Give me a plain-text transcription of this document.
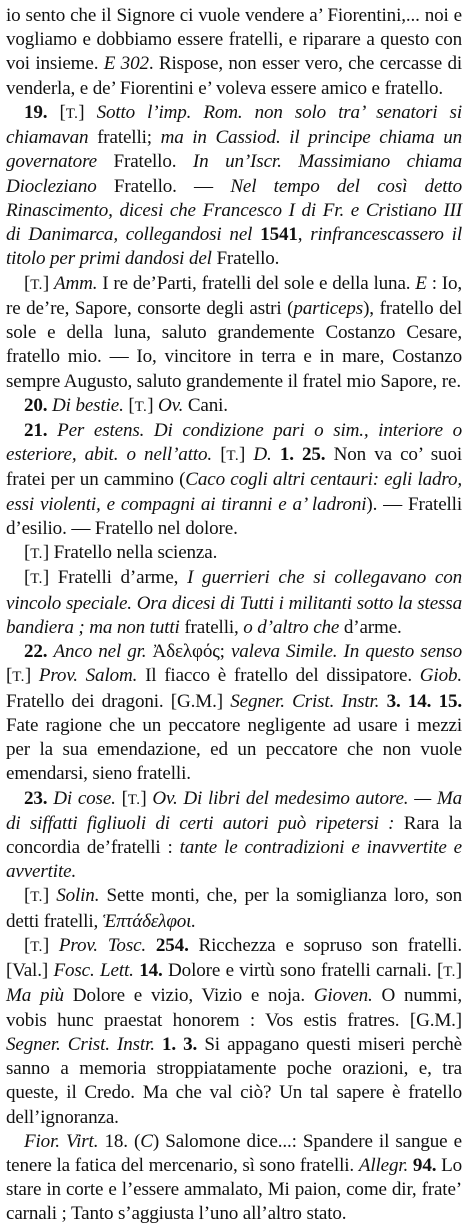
io sento che il Signore ci vuole vendere a’ Fiorentini,... noi e vogliamo e dobbiamo essere fratelli, e riparare a questo con voi insieme. E 302. Rispose, non esser vero, che cercasse di venderla, e de’ Fiorentini e’ voleva essere amico e fratello.

19. [T.] Sotto l’imp. Rom. non solo tra’ senatori si chiamavan fratelli; ma in Cassiod. il principe chiama un governatore Fratello. In un’Iscr. Massimiano chiama Diocleziano Fratello. — Nel tempo del così detto Rinascimento, dicesi che Francesco I di Fr. e Cristiano III di Danimarca, collegandosi nel 1541, rinfrancescassero il titolo per primi dandosi del Fratello.

[T.] Amm. I re de’Parti, fratelli del sole e della luna. E : Io, re de’re, Sapore, consorte degli astri (particeps), fratello del sole e della luna, saluto grandemente Costanzo Cesare, fratello mio. — Io, vincitore in terra e in mare, Costanzo sempre Augusto, saluto grandemente il fratel mio Sapore, re.

20. Di bestie. [T.] Ov. Cani.

21. Per estens. Di condizione pari o sim., interiore o esteriore, abit. o nell’atto. [T.] D. 1. 25. Non va co’ suoi fratei per un cammino (Caco cogli altri centauri: egli ladro, essi violenti, e compagni ai tiranni e a’ ladroni). — Fratelli d’esilio. — Fratello nel dolore.

[T.] Fratello nella scienza.

[T.] Fratelli d’arme, I guerrieri che si collegavano con vincolo speciale. Ora dicesi di Tutti i militanti sotto la stessa bandiera ; ma non tutti fratelli, o d’altro che d’arme.

22. Anco nel gr. Ἀδελφός; valeva Simile. In questo senso [T.] Prov. Salom. Il fiacco è fratello del dissipatore. Giob. Fratello dei dragoni. [G.M.] Segner. Crist. Instr. 3. 14. 15. Fate ragione che un peccatore negligente ad usare i mezzi per la sua emendazione, ed un peccatore che non vuole emendarsi, sieno fratelli.

23. Di cose. [T.] Ov. Di libri del medesimo autore. — Ma di siffatti figliuoli di certi autori può ripetersi : Rara la concordia de’fratelli : tante le contradizioni e inavvertite e avvertite.

[T.] Solin. Sette monti, che, per la somiglianza loro, son detti fratelli, Ἑπτάδελφοι.

[T.] Prov. Tosc. 254. Ricchezza e sopruso son fratelli. [Val.] Fosc. Lett. 14. Dolore e virtù sono fratelli carnali. [T.] Ma più Dolore e vizio, Vizio e noja. Gioven. O nummi, vobis hunc praestat honorem : Vos estis fratres. [G.M.] Segner. Crist. Instr. 1. 3. Si appagano questi miseri perchè sanno a memoria stroppiatamente poche orazioni, e, tra queste, il Credo. Ma che val ciò? Un tal sapere è fratello dell’ignoranza.

Fior. Virt. 18. (C) Salomone dice...: Spandere il sangue e tenere la fatica del mercenario, sì sono fratelli. Allegr. 94. Lo stare in corte e l’essere ammalato, Mi paion, come dir, frate’ carnali ; Tanto s’aggiusta l’uno all’altro stato.
